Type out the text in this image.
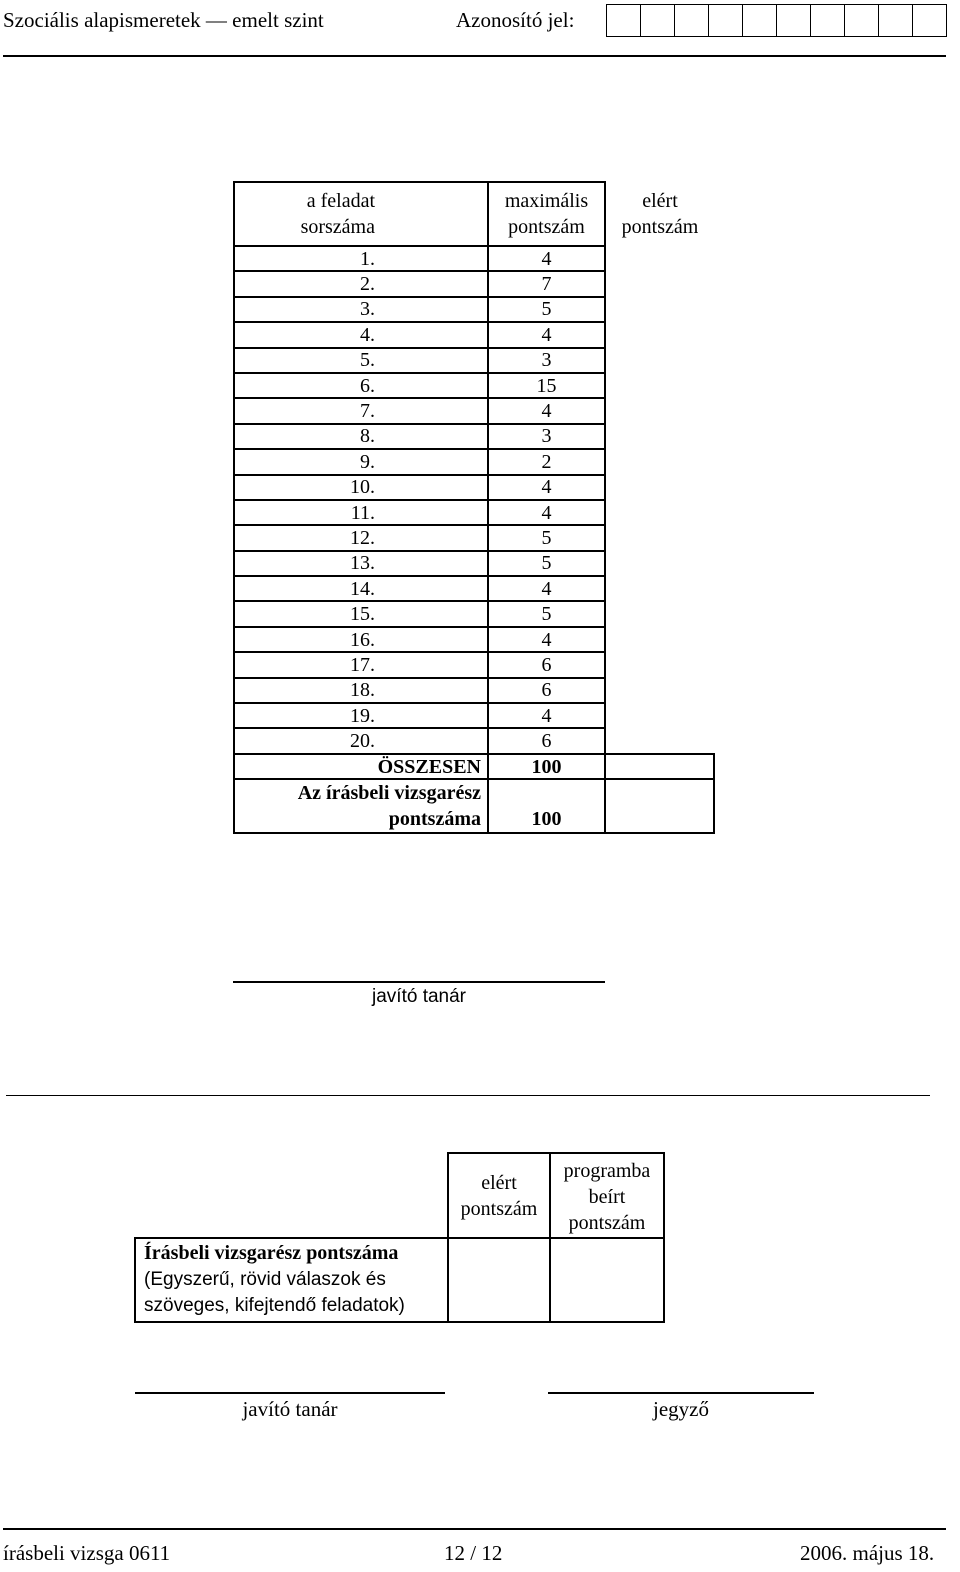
Szociális alapismeretek — emelt szint	Azonosító jel:
a feladat sorszáma	maximális pontszám	elért pontszám
1.	4	
2.	7	
3.	5	
4.	4	
5.	3	
6.	15	
7.	4	
8.	3	
9.	2	
10.	4	
11.	4	
12.	5	
13.	5	
14.	4	
15.	5	
16.	4	
17.	6	
18.	6	
19.	4	
20.	6	
ÖSSZESEN	100	
Az írásbeli vizsgarész pontszáma	100	
javító tanár
	elért pontszám	programba beírt pontszám
Írásbeli vizsgarész pontszáma
(Egyszerű, rövid válaszok és szöveges, kifejtendő feladatok)		
javító tanár	jegyző
írásbeli vizsga 0611	12 / 12	2006. május 18.
